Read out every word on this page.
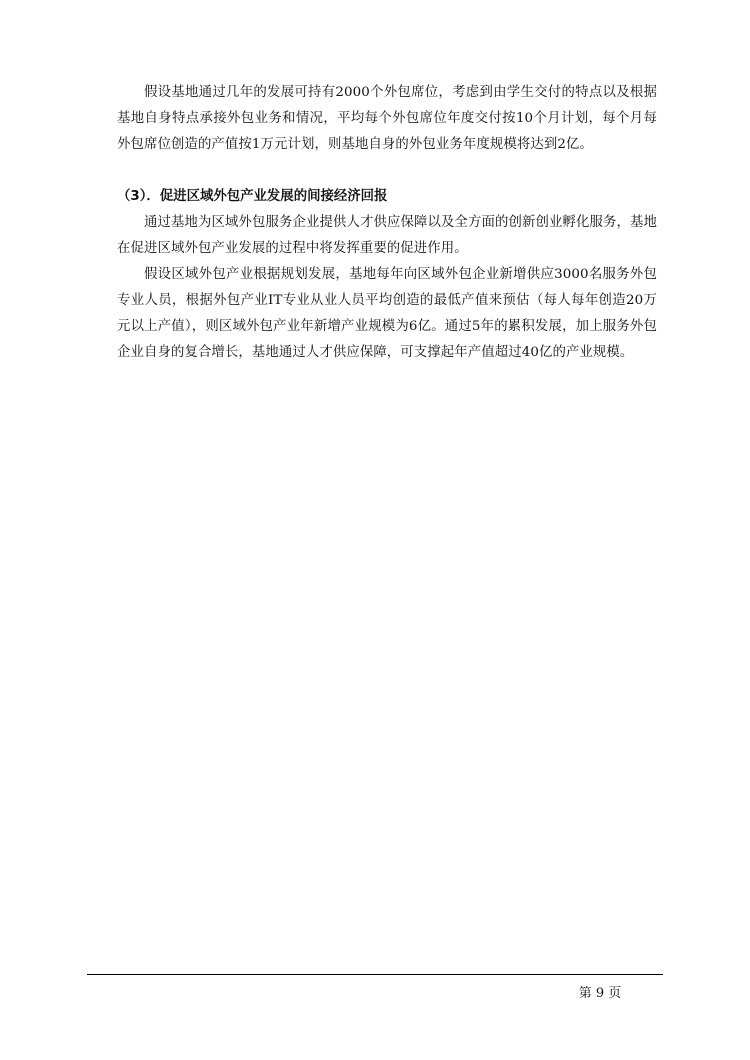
假设基地通过几年的发展可持有2000个外包席位，考虑到由学生交付的特点以及根据基地自身特点承接外包业务和情况，平均每个外包席位年度交付按10个月计划，每个月每外包席位创造的产值按1万元计划，则基地自身的外包业务年度规模将达到2亿。

（3）．促进区域外包产业发展的间接经济回报

通过基地为区域外包服务企业提供人才供应保障以及全方面的创新创业孵化服务，基地在促进区域外包产业发展的过程中将发挥重要的促进作用。

假设区域外包产业根据规划发展，基地每年向区域外包企业新增供应3000名服务外包专业人员，根据外包产业IT专业从业人员平均创造的最低产值来预估（每人每年创造20万元以上产值），则区域外包产业年新增产业规模为6亿。通过5年的累积发展，加上服务外包企业自身的复合增长，基地通过人才供应保障，可支撑起年产值超过40亿的产业规模。

第 9 页
